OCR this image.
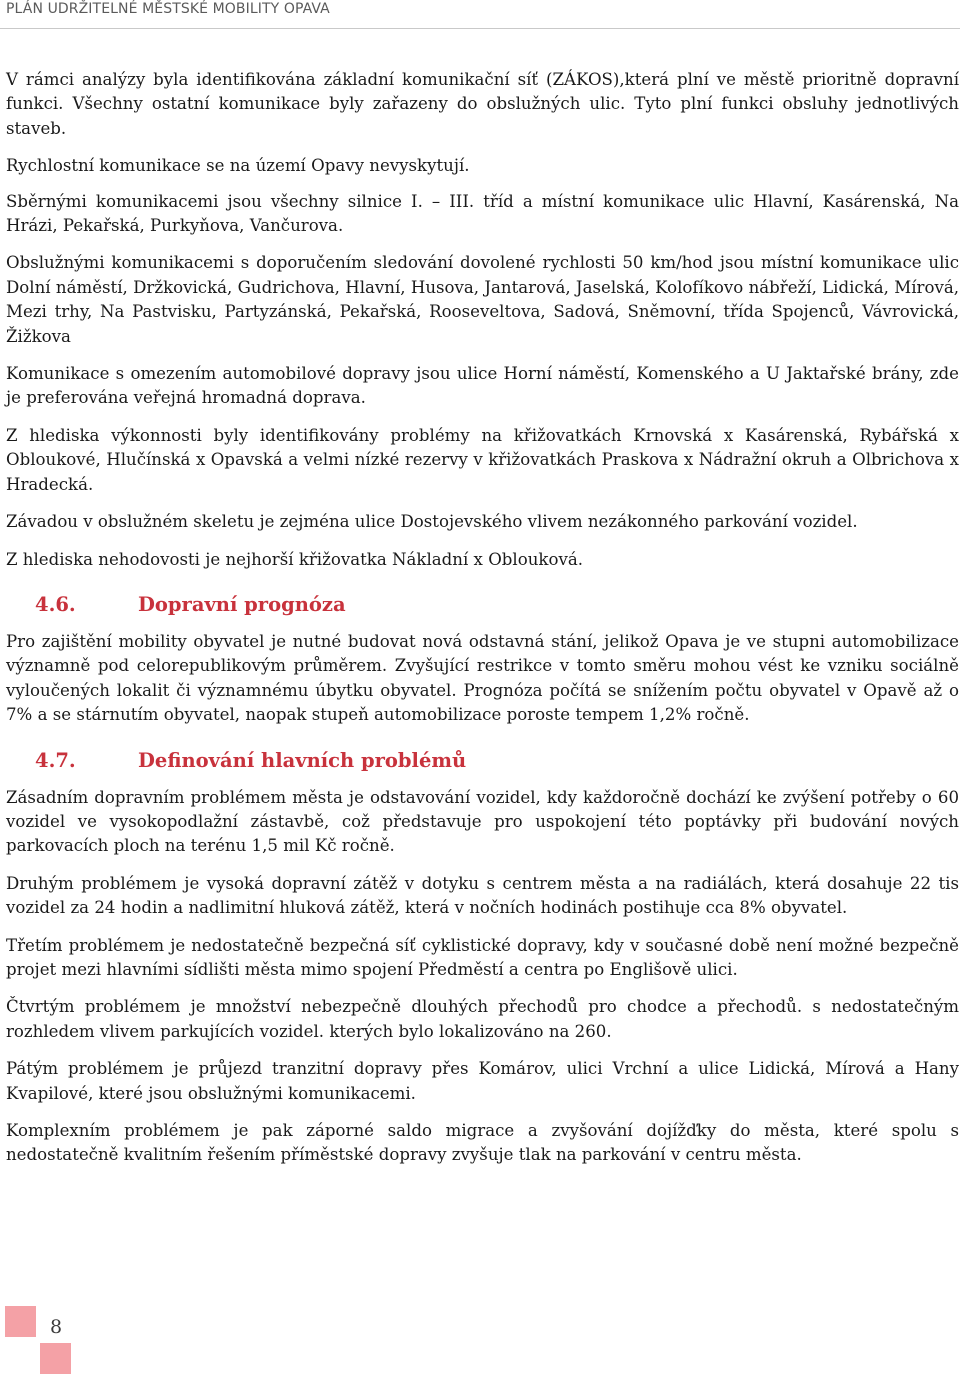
PLÁN UDRŽITELNÉ MĚSTSKÉ MOBILITY OPAVA

V rámci analýzy byla identifikována základní komunikační síť (ZÁKOS),která plní ve městě prioritně dopravní funkci. Všechny ostatní komunikace byly zařazeny do obslužných ulic. Tyto plní funkci obsluhy jednotlivých staveb.

Rychlostní komunikace se na území Opavy nevyskytují.

Sběrnými komunikacemi jsou všechny silnice I. – III. tříd a místní komunikace ulic Hlavní, Kasárenská, Na Hrázi, Pekařská, Purkyňova, Vančurova.

Obslužnými komunikacemi s doporučením sledování dovolené rychlosti 50 km/hod jsou místní komunikace ulic Dolní náměstí, Držkovická, Gudrichova, Hlavní, Husova, Jantarová, Jaselská, Kolofíkovo nábřeží, Lidická, Mírová, Mezi trhy, Na Pastvisku, Partyzánská, Pekařská, Rooseveltova, Sadová, Sněmovní, třída Spojenců, Vávrovická, Žižkova

Komunikace s omezením automobilové dopravy jsou ulice Horní náměstí, Komenského a U Jaktařské brány, zde je preferována veřejná hromadná doprava.

Z hlediska výkonnosti byly identifikovány problémy na křižovatkách Krnovská x Kasárenská, Rybářská x Obloukové, Hlučínská x Opavská a velmi nízké rezervy v křižovatkách Praskova x Nádražní okruh a Olbrichova x Hradecká.

Závadou v obslužném skeletu je zejména ulice Dostojevského vlivem nezákonného parkování vozidel.

Z hlediska nehodovosti je nejhorší křižovatka Nákladní x Oblouková.

4.6.	Dopravní prognóza

Pro zajištění mobility obyvatel je nutné budovat nová odstavná stání, jelikož Opava je ve stupni automobilizace významně pod celorepublikovým průměrem. Zvyšující restrikce v tomto směru mohou vést ke vzniku sociálně vyloučených lokalit či významnému úbytku obyvatel. Prognóza počítá se snížením počtu obyvatel v Opavě až o 7% a se stárnutím obyvatel, naopak stupeň automobilizace poroste tempem 1,2% ročně.

4.7.	Definování hlavních problémů

Zásadním dopravním problémem města je odstavování vozidel, kdy každoročně dochází ke zvýšení potřeby o 60 vozidel ve vysokopodlažní zástavbě, což představuje pro uspokojení této poptávky při budování nových parkovacích ploch na terénu 1,5 mil Kč ročně.

Druhým problémem je vysoká dopravní zátěž v dotyku s centrem města a na radiálách, která dosahuje 22 tis vozidel za 24 hodin a nadlimitní hluková zátěž, která v nočních hodinách postihuje cca 8% obyvatel.

Třetím problémem je nedostatečně bezpečná síť cyklistické dopravy, kdy v současné době není možné bezpečně projet mezi hlavními sídlišti města mimo spojení Předměstí a centra po Englišově ulici.

Čtvrtým problémem je množství nebezpečně dlouhých přechodů pro chodce a přechodů. s nedostatečným rozhledem vlivem parkujících vozidel. kterých bylo lokalizováno na 260.

Pátým problémem je průjezd tranzitní dopravy přes Komárov, ulici Vrchní a ulice Lidická, Mírová a Hany Kvapilové, které jsou obslužnými komunikacemi.

Komplexním problémem je pak záporné saldo migrace a zvyšování dojížďky do města, které spolu s nedostatečně kvalitním řešením příměstské dopravy zvyšuje tlak na parkování v centru města.

8
